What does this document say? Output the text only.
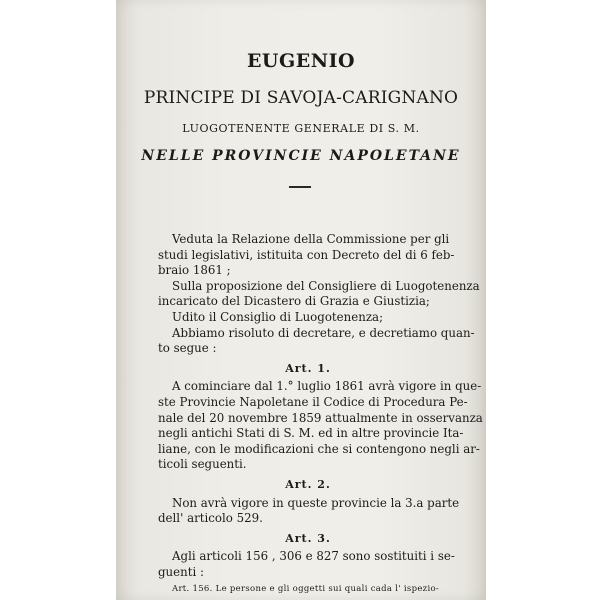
EUGENIO
PRINCIPE DI SAVOJA-CARIGNANO
LUOGOTENENTE GENERALE DI S. M.
NELLE PROVINCIE NAPOLETANE
Veduta la Relazione della Commissione per gli
studi legislativi, istituita con Decreto del di 6 feb-
braio 1861 ;
Sulla proposizione del Consigliere di Luogotenenza
incaricato del Dicastero di Grazia e Giustizia;
Udito il Consiglio di Luogotenenza;
Abbiamo risoluto di decretare, e decretiamo quan-
to segue :
Art. 1.
A cominciare dal 1.° luglio 1861 avrà vigore in que-
ste Provincie Napoletane il Codice di Procedura Pe-
nale del 20 novembre 1859 attualmente in osservanza
negli antichi Stati di S. M. ed in altre provincie Ita-
liane, con le modificazioni che si contengono negli ar-
ticoli seguenti.
Art. 2.
Non avrà vigore in queste provincie la 3.a parte
dell' articolo 529.
Art. 3.
Agli articoli 156 , 306 e 827 sono sostituiti i se-
guenti :
Art. 156. Le persone e gli oggetti sui quali cada l' ispezio-
